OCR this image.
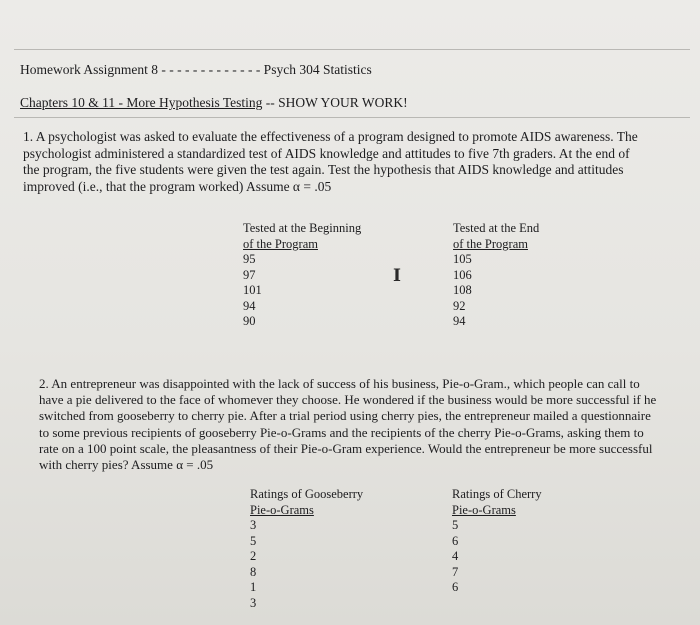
Homework Assignment 8 - - - - - - - - - - - - - Psych 304 Statistics
Chapters 10 & 11 - More Hypothesis Testing -- SHOW YOUR WORK!
1. A psychologist was asked to evaluate the effectiveness of a program designed to promote AIDS awareness. The psychologist administered a standardized test of AIDS knowledge and attitudes to five 7th graders. At the end of the program, the five students were given the test again. Test the hypothesis that AIDS knowledge and attitudes improved (i.e., that the program worked) Assume α = .05
Tested at the Beginning
of the Program
95
97
101
94
90
I
Tested at the End
of the Program
105
106
108
92
94
2. An entrepreneur was disappointed with the lack of success of his business, Pie-o-Gram., which people can call to have a pie delivered to the face of whomever they choose. He wondered if the business would be more successful if he switched from gooseberry to cherry pie. After a trial period using cherry pies, the entrepreneur mailed a questionnaire to some previous recipients of gooseberry Pie-o-Grams and the recipients of the cherry Pie-o-Grams, asking them to rate on a 100 point scale, the pleasantness of their Pie-o-Gram experience. Would the entrepreneur be more successful with cherry pies? Assume α = .05
Ratings of Gooseberry
Pie-o-Grams
3
5
2
8
1
3
Ratings of Cherry
Pie-o-Grams
5
6
4
7
6
